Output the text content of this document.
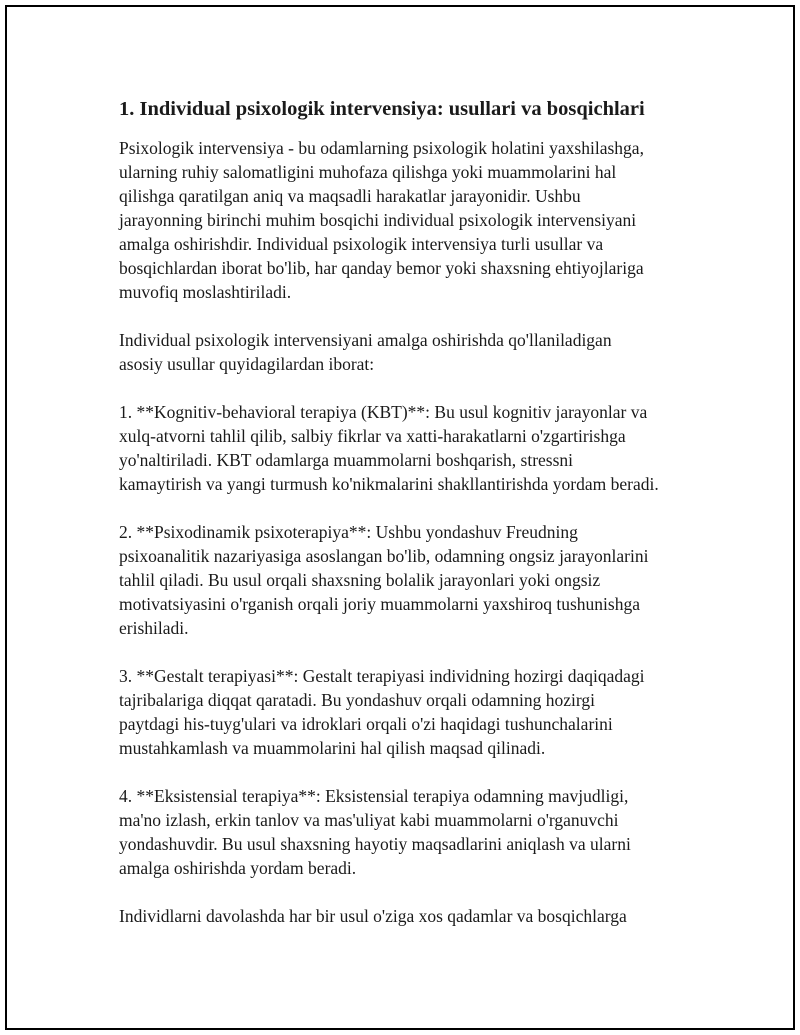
1. Individual psixologik intervensiya: usullari va bosqichlari

Psixologik intervensiya - bu odamlarning psixologik holatini yaxshilashga,
ularning ruhiy salomatligini muhofaza qilishga yoki muammolarini hal
qilishga qaratilgan aniq va maqsadli harakatlar jarayonidir. Ushbu
jarayonning birinchi muhim bosqichi individual psixologik intervensiyani
amalga oshirishdir. Individual psixologik intervensiya turli usullar va
bosqichlardan iborat bo'lib, har qanday bemor yoki shaxsning ehtiyojlariga
muvofiq moslashtiriladi.

Individual psixologik intervensiyani amalga oshirishda qo'llaniladigan
asosiy usullar quyidagilardan iborat:

1. **Kognitiv-behavioral terapiya (KBT)**: Bu usul kognitiv jarayonlar va
xulq-atvorni tahlil qilib, salbiy fikrlar va xatti-harakatlarni o'zgartirishga
yo'naltiriladi. KBT odamlarga muammolarni boshqarish, stressni
kamaytirish va yangi turmush ko'nikmalarini shakllantirishda yordam beradi.

2. **Psixodinamik psixoterapiya**: Ushbu yondashuv Freudning
psixoanalitik nazariyasiga asoslangan bo'lib, odamning ongsiz jarayonlarini
tahlil qiladi. Bu usul orqali shaxsning bolalik jarayonlari yoki ongsiz
motivatsiyasini o'rganish orqali joriy muammolarni yaxshiroq tushunishga
erishiladi.

3. **Gestalt terapiyasi**: Gestalt terapiyasi individning hozirgi daqiqadagi
tajribalariga diqqat qaratadi. Bu yondashuv orqali odamning hozirgi
paytdagi his-tuyg'ulari va idroklari orqali o'zi haqidagi tushunchalarini
mustahkamlash va muammolarini hal qilish maqsad qilinadi.

4. **Eksistensial terapiya**: Eksistensial terapiya odamning mavjudligi,
ma'no izlash, erkin tanlov va mas'uliyat kabi muammolarni o'rganuvchi
yondashuvdir. Bu usul shaxsning hayotiy maqsadlarini aniqlash va ularni
amalga oshirishda yordam beradi.

Individlarni davolashda har bir usul o'ziga xos qadamlar va bosqichlarga
